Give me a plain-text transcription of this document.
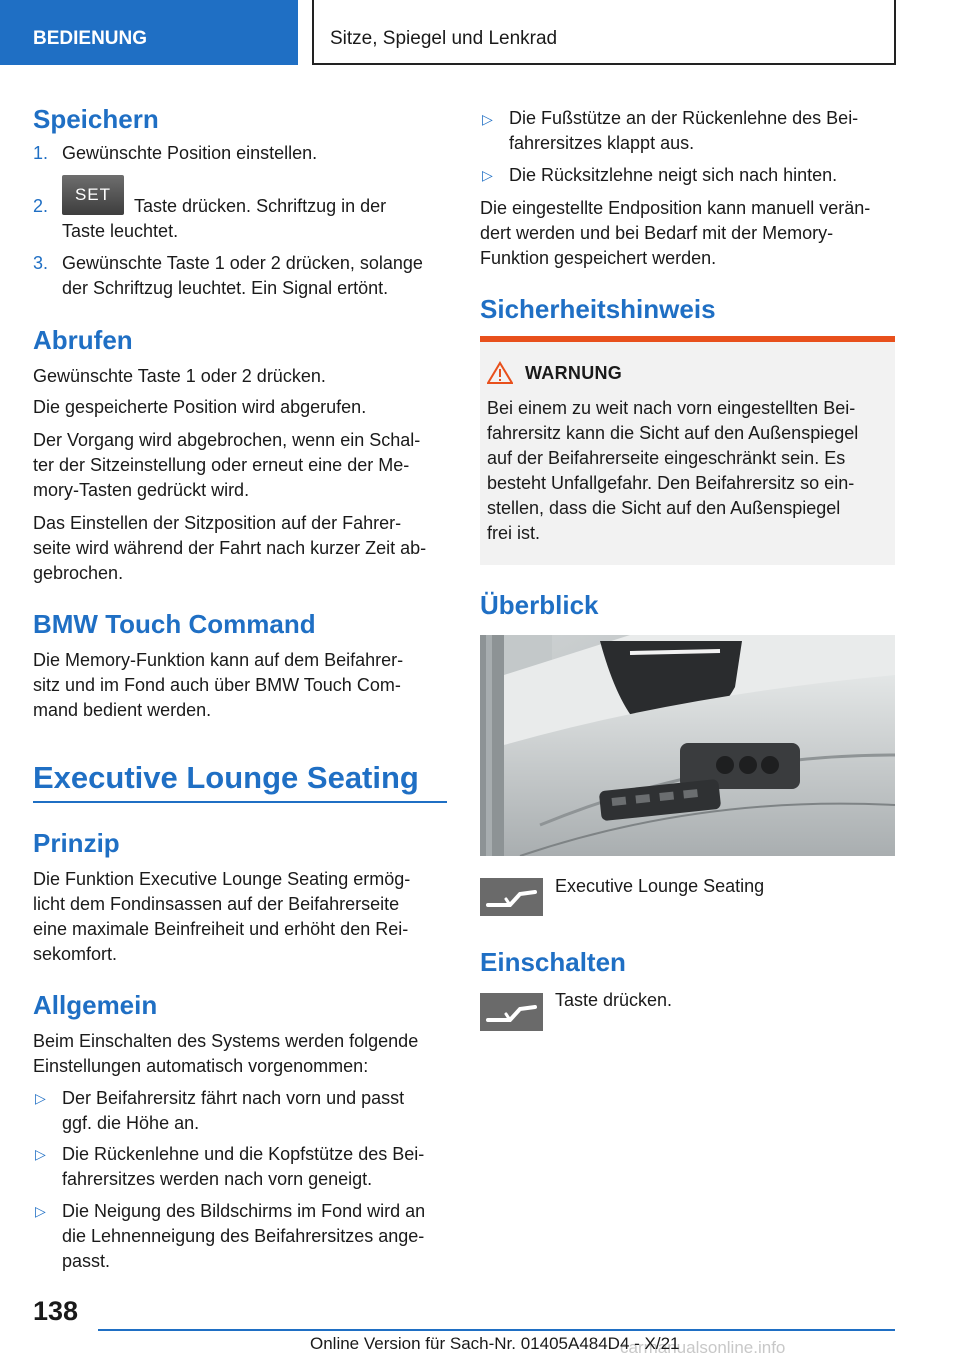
BEDIENUNG	Sitze, Spiegel und Lenkrad
Speichern
1. Gewünschte Position einstellen.

2.
SET

Taste drücken. Schriftzug in der

Taste leuchtet.

3. Gewünschte Taste 1 oder 2 drücken, solange

der Schriftzug leuchtet. Ein Signal ertönt.

Abrufen

Gewünschte Taste 1 oder 2 drücken.

Die gespeicherte Position wird abgerufen.

Der Vorgang wird abgebrochen, wenn ein Schal-

ter der Sitzeinstellung oder erneut eine der Me-

mory-Tasten gedrückt wird.

Das Einstellen der Sitzposition auf der Fahrer-

seite wird während der Fahrt nach kurzer Zeit ab-

gebrochen.

BMW Touch Command

Die Memory-Funktion kann auf dem Beifahrer-

sitz und im Fond auch über BMW Touch Com-

mand bedient werden.

Executive Lounge Seating
Prinzip

Die Funktion Executive Lounge Seating ermög-

licht dem Fondinsassen auf der Beifahrerseite

eine maximale Beinfreiheit und erhöht den Rei-

sekomfort.

Allgemein

Beim Einschalten des Systems werden folgende

Einstellungen automatisch vorgenommen:

▷ Der Beifahrersitz fährt nach vorn und passt

ggf. die Höhe an.

▷ Die Rückenlehne und die Kopfstütze des Bei-

fahrersitzes werden nach vorn geneigt.

▷ Die Neigung des Bildschirms im Fond wird an

die Lehnenneigung des Beifahrersitzes ange-

passt.

▷ Die Fußstütze an der Rückenlehne des Bei-

fahrersitzes klappt aus.

▷ Die Rücksitzlehne neigt sich nach hinten.

Die eingestellte Endposition kann manuell verän-

dert werden und bei Bedarf mit der Memory-

Funktion gespeichert werden.

Sicherheitshinweis
WARNUNG

Bei einem zu weit nach vorn eingestellten Bei-

fahrersitz kann die Sicht auf den Außenspiegel

auf der Beifahrerseite eingeschränkt sein. Es

besteht Unfallgefahr. Den Beifahrersitz so ein-

stellen, dass die Sicht auf den Außenspiegel

frei ist.

Überblick

Executive Lounge Seating

Einschalten

Taste drücken.

138
carmanualsonline.info
Online Version für Sach-Nr. 01405A484D4 - X/21
